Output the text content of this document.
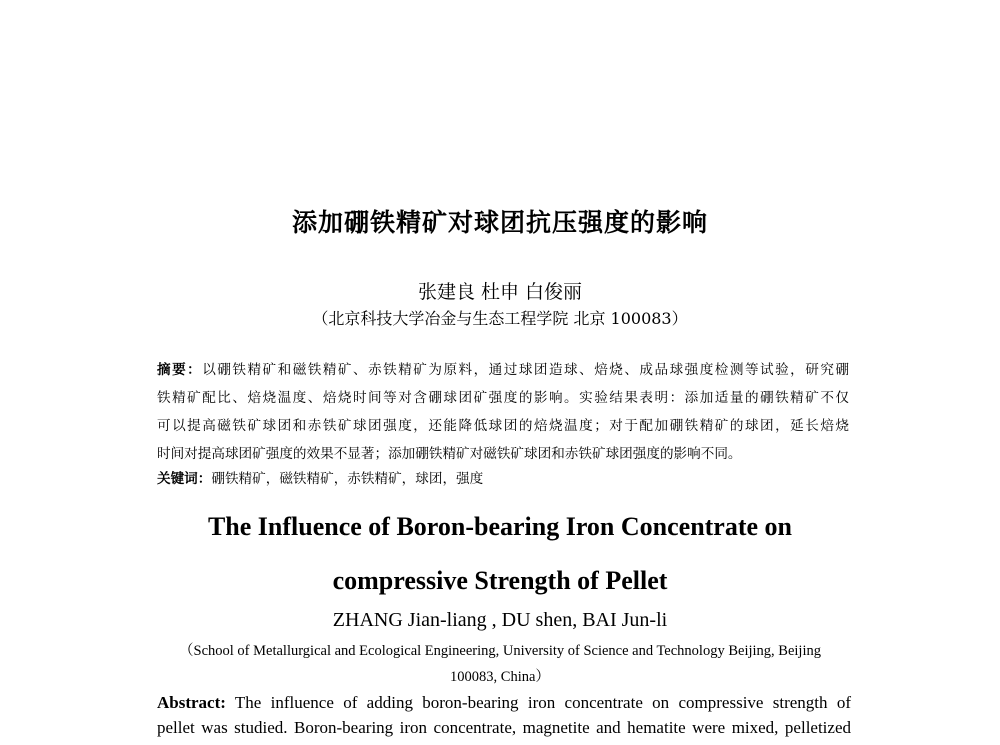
添加硼铁精矿对球团抗压强度的影响
张建良 杜申 白俊丽
（北京科技大学冶金与生态工程学院 北京 100083）
摘要：以硼铁精矿和磁铁精矿、赤铁精矿为原料，通过球团造球、焙烧、成品球强度检测等试验，研究硼
铁精矿配比、焙烧温度、焙烧时间等对含硼球团矿强度的影响。实验结果表明：添加适量的硼铁精矿不仅
可以提高磁铁矿球团和赤铁矿球团强度，还能降低球团的焙烧温度；对于配加硼铁精矿的球团，延长焙烧
时间对提高球团矿强度的效果不显著；添加硼铁精矿对磁铁矿球团和赤铁矿球团强度的影响不同。
关键词：硼铁精矿，磁铁精矿，赤铁精矿，球团，强度
The Influence of Boron-bearing Iron Concentrate on
compressive Strength of Pellet
ZHANG Jian-liang , DU shen, BAI Jun-li
（School of Metallurgical and Ecological Engineering, University of Science and Technology Beijing, Beijing
100083, China）
Abstract: The influence of adding boron-bearing iron concentrate on compressive strength of
pellet was studied. Boron-bearing iron concentrate, magnetite and hematite were mixed, pelletized
